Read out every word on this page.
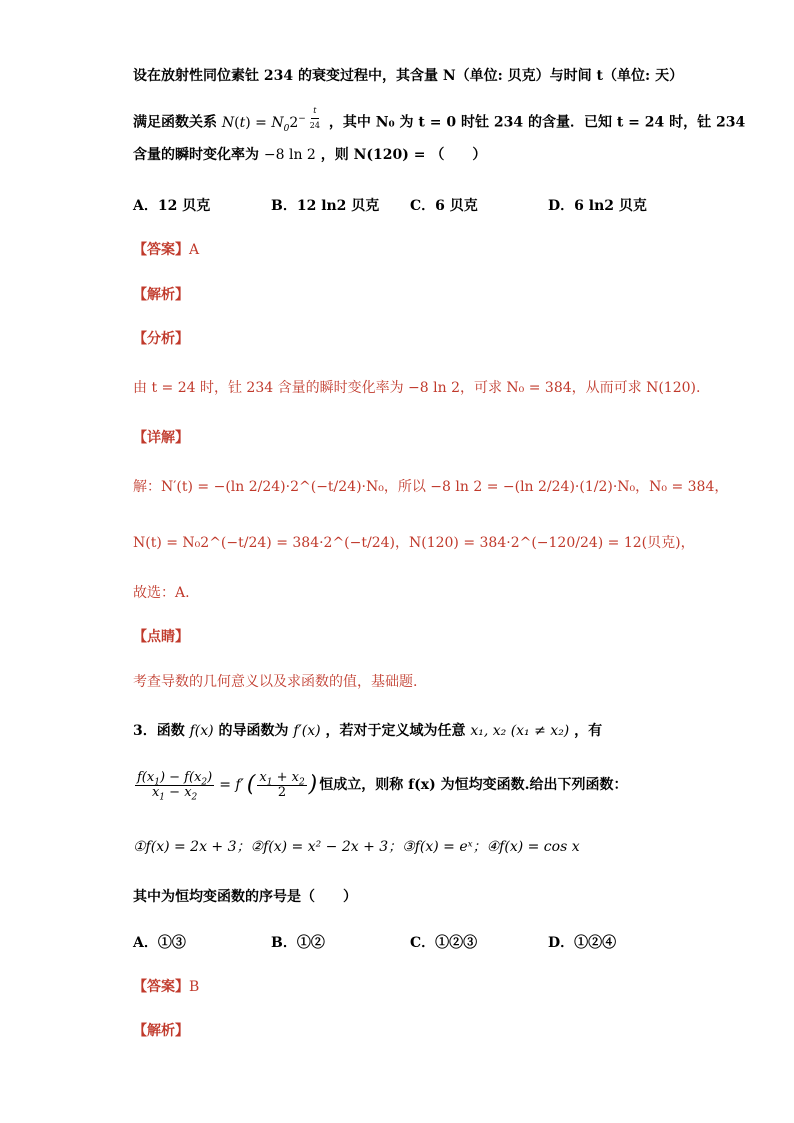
设在放射性同位素钍 234 的衰变过程中，其含量 N（单位: 贝克）与时间 t（单位: 天）
满足函数关系 $N(t) = N_02^{- \frac{t}{24}}$ ，其中 N₀ 为 t = 0 时钍 234 的含量．已知 t = 24 时，钍 234
含量的瞬时变化率为 −8 ln 2 ，则 N(120) = （　　）
A．12 贝克	B．12 ln2 贝克 C．6 贝克	D．6 ln2 贝克
【答案】A
【解析】
【分析】
由 t = 24 时，钍 234 含量的瞬时变化率为 −8 ln 2，可求 N₀ = 384，从而可求 N(120).
【详解】
解：N′(t) = −(ln 2/24)·2^(−t/24)·N₀，所以 −8 ln 2 = −(ln 2/24)·(1/2)·N₀，N₀ = 384，
N(t) = N₀2^(−t/24) = 384·2^(−t/24)，N(120) = 384·2^(−120/24) = 12(贝克)，
故选：A.
【点睛】
考查导数的几何意义以及求函数的值，基础题.
3．函数 f(x) 的导函数为 f′(x) ，若对于定义域为任意 x₁, x₂ (x₁ ≠ x₂) ，有
$\frac{f(x_1) - f(x_2)}{x_1 - x_2} = f'$ ( $\frac{x_1 + x_2}{2}$ ) 恒成立，则称 f(x) 为恒均变函数.给出下列函数：
①f(x) = 2x + 3；②f(x) = x² − 2x + 3；③f(x) = eˣ；④f(x) = cos x
其中为恒均变函数的序号是（　　）
A．①③	B．①②	C．①②③	D．①②④
【答案】B
【解析】
